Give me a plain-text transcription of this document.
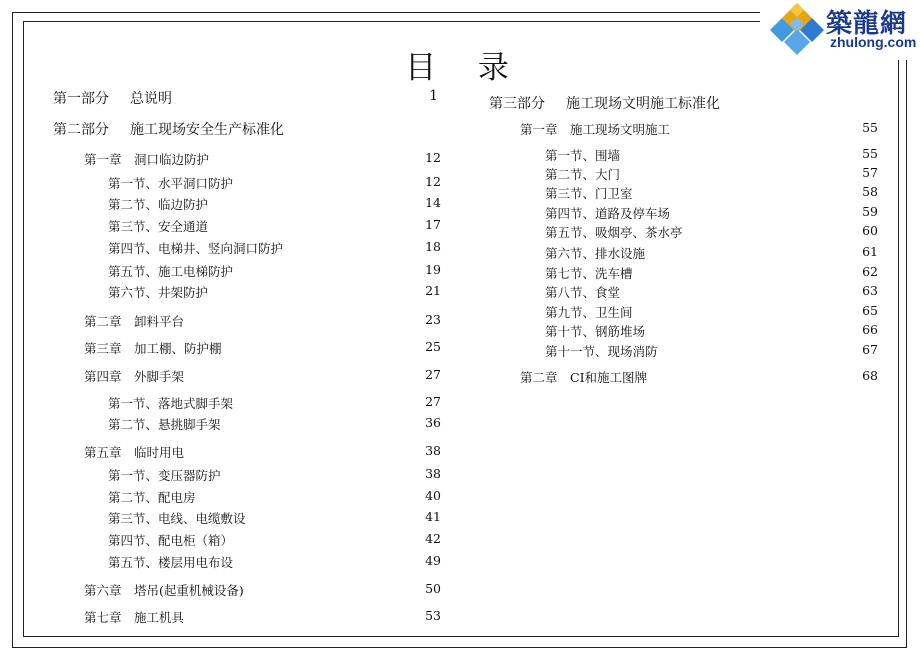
築龍網
zhulong.com
目 录
第一部分 总说明	1
第二部分 施工现场安全生产标准化
第一章 洞口临边防护	12
第一节、水平洞口防护	12
第二节、临边防护	14
第三节、安全通道	17
第四节、电梯井、竖向洞口防护	18
第五节、施工电梯防护	19
第六节、井架防护	21
第二章 卸料平台	23
第三章 加工棚、防护棚	25
第四章 外脚手架	27
第一节、落地式脚手架	27
第二节、悬挑脚手架	36
第五章 临时用电	38
第一节、变压器防护	38
第二节、配电房	40
第三节、电线、电缆敷设	41
第四节、配电柜（箱）	42
第五节、楼层用电布设	49
第六章 塔吊(起重机械设备)	50
第七章 施工机具	53
第三部分 施工现场文明施工标准化
第一章 施工现场文明施工	55
第一节、围墙	55
第二节、大门	57
第三节、门卫室	58
第四节、道路及停车场	59
第五节、吸烟亭、茶水亭	60
第六节、排水设施	61
第七节、洗车槽	62
第八节、食堂	63
第九节、卫生间	65
第十节、钢筋堆场	66
第十一节、现场消防	67
第二章 CI和施工图牌	68
